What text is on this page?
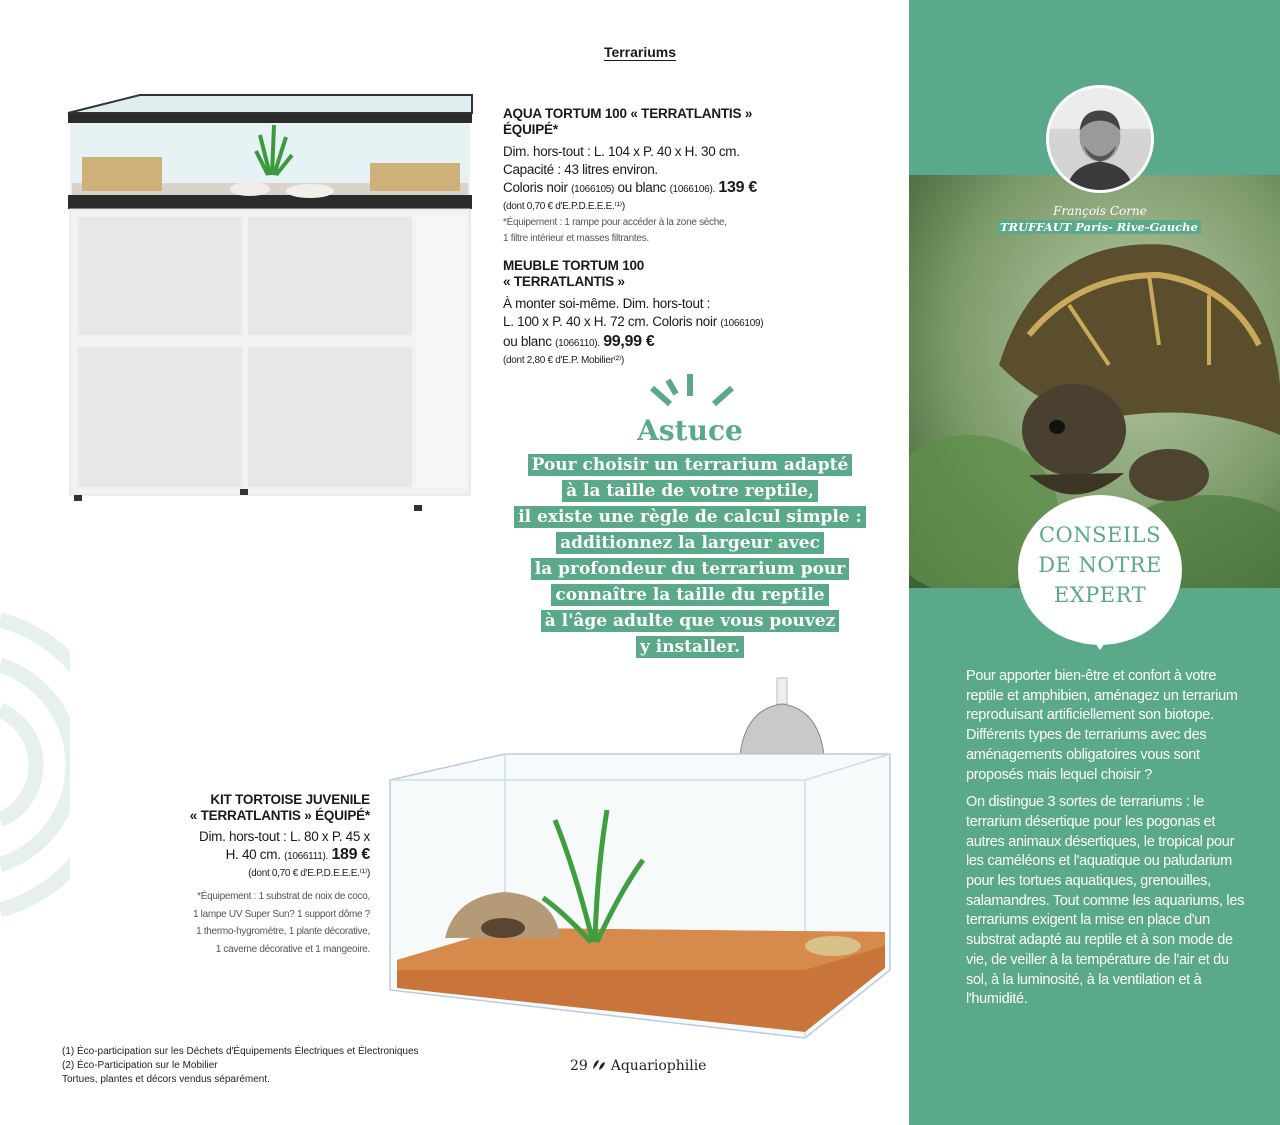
Terrariums
AQUA TORTUM 100 « TERRATLANTIS »
ÉQUIPÉ*
Dim. hors-tout : L. 104 x P. 40 x H. 30 cm.
Capacité : 43 litres environ.
Coloris noir (1066105) ou blanc (1066106). 139 €
(dont 0,70 € d'E.P.D.E.E.E.⁽¹⁾)
*Équipement : 1 rampe pour accéder à la zone sèche,
1 filtre intérieur et masses filtrantes.
MEUBLE TORTUM 100
« TERRATLANTIS »
À monter soi-même. Dim. hors-tout :
L. 100 x P. 40 x H. 72 cm. Coloris noir (1066109)
ou blanc (1066110). 99,99 €
(dont 2,80 € d'E.P. Mobilier⁽²⁾)
Astuce
Pour choisir un terrarium adapté
à la taille de votre reptile,
il existe une règle de calcul simple :
additionnez la largeur avec
la profondeur du terrarium pour
connaître la taille du reptile
à l'âge adulte que vous pouvez
y installer.
KIT TORTOISE JUVENILE
« TERRATLANTIS » ÉQUIPÉ*
Dim. hors-tout : L. 80 x P. 45 x
H. 40 cm. (1066111). 189 €
(dont 0,70 € d'E.P.D.E.E.E.⁽¹⁾)
*Équipement : 1 substrat de noix de coco,
1 lampe UV Super Sun? 1 support dôme ?
1 thermo-hygromètre, 1 plante décorative,
1 caverne décorative et 1 mangeoire.
(1) Éco-participation sur les Déchets d'Équipements Électriques et Électroniques
(2) Éco-Participation sur le Mobilier
Tortues, plantes et décors vendus séparément.
29 Aquariophilie
François Corne
TRUFFAUT Paris- Rive-Gauche
CONSEILS
DE NOTRE
EXPERT

Pour apporter bien-être et confort à votre reptile et amphibien, aménagez un terrarium reproduisant artificiellement son biotope. Différents types de terrariums avec des aménagements obligatoires vous sont proposés mais lequel choisir ?

On distingue 3 sortes de terrariums : le terrarium désertique pour les pogonas et autres animaux désertiques, le tropical pour les caméléons et l'aquatique ou paludarium pour les tortues aquatiques, grenouilles, salamandres. Tout comme les aquariums, les terrariums exigent la mise en place d'un substrat adapté au reptile et à son mode de vie, de veiller à la température de l'air et du sol, à la luminosité, à la ventilation et à l'humidité.
